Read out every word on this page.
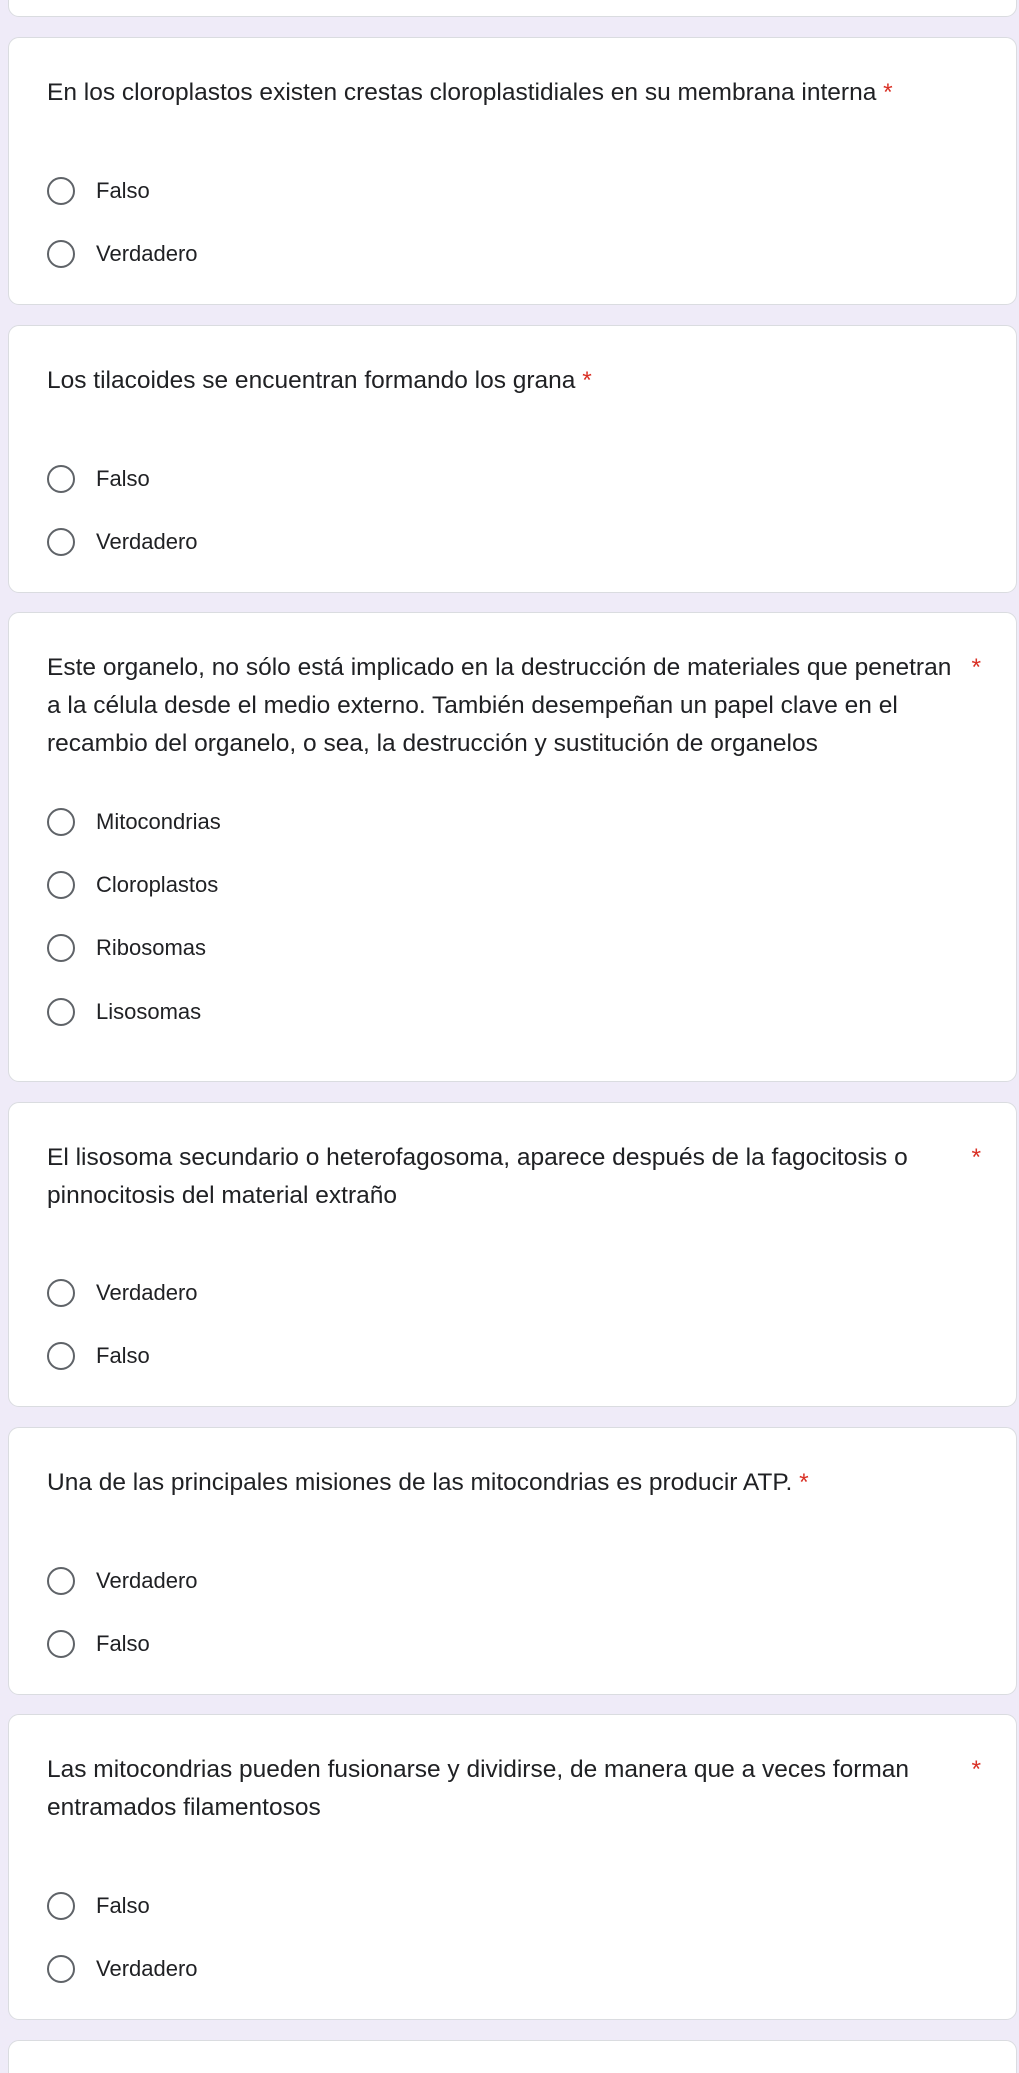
En los cloroplastos existen crestas cloroplastidiales en su membrana interna *
Falso
Verdadero
Los tilacoides se encuentran formando los grana *
Falso
Verdadero
Este organelo, no sólo está implicado en la destrucción de materiales que penetran a la célula desde el medio externo. También desempeñan un papel clave en el recambio del organelo, o sea, la destrucción y sustitución de organelos
*
Mitocondrias
Cloroplastos
Ribosomas
Lisosomas
El lisosoma secundario o heterofagosoma, aparece después de la fagocitosis o pinnocitosis del material extraño
*
Verdadero
Falso
Una de las principales misiones de las mitocondrias es producir ATP. *
Verdadero
Falso
Las mitocondrias pueden fusionarse y dividirse, de manera que a veces forman entramados filamentosos
*
Falso
Verdadero
